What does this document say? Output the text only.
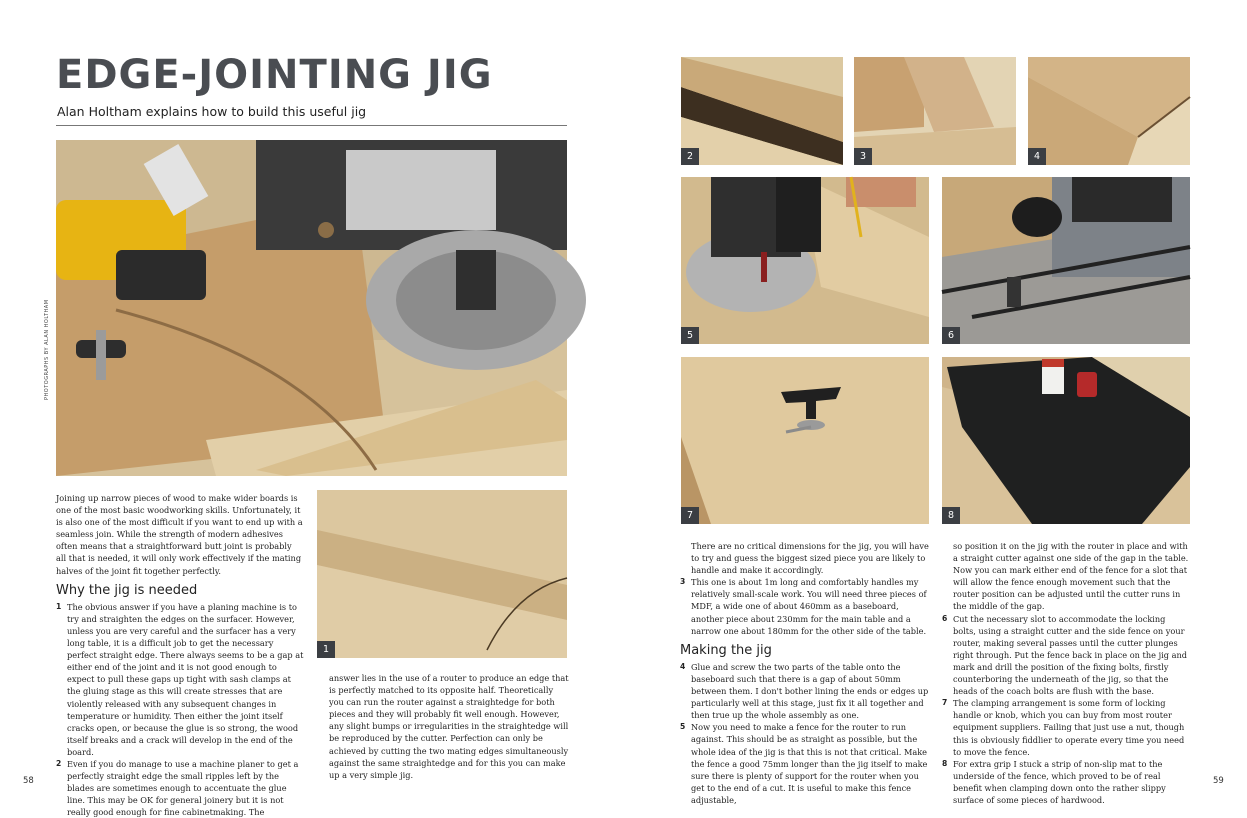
EDGE-JOINTING JIG
Alan Holtham explains how to build this useful jig
PHOTOGRAPHS BY ALAN HOLTHAM
1

Joining up narrow pieces of wood to make wider boards is one of the most basic woodworking skills. Unfortunately, it is also one of the most difficult if you want to end up with a seamless join. While the strength of modern adhesives often means that a straightforward butt joint is probably all that is needed, it will only work effectively if the mating halves of the joint fit together perfectly.

Why the jig is needed

1 The obvious answer if you have a planing machine is to try and straighten the edges on the surfacer. However, unless you are very careful and the surfacer has a very long table, it is a difficult job to get the necessary perfect straight edge. There always seems to be a gap at either end of the joint and it is not good enough to expect to pull these gaps up tight with sash clamps at the gluing stage as this will create stresses that are violently released with any subsequent changes in temperature or humidity. Then either the joint itself cracks open, or because the glue is so strong, the wood itself breaks and a crack will develop in the end of the board.

2 Even if you do manage to use a machine planer to get a perfectly straight edge the small ripples left by the blades are sometimes enough to accentuate the glue line. This may be OK for general joinery but it is not really good enough for fine cabinetmaking. The

answer lies in the use of a router to produce an edge that is perfectly matched to its opposite half. Theoretically you can run the router against a straightedge for both pieces and they will probably fit well enough. However, any slight bumps or irregularities in the straightedge will be reproduced by the cutter. Perfection can only be achieved by cutting the two mating edges simultaneously against the same straightedge and for this you can make up a very simple jig.

58
2	3	4
5	6
7	8

There are no critical dimensions for the jig, you will have to try and guess the biggest sized piece you are likely to handle and make it accordingly.

3 This one is about 1m long and comfortably handles my relatively small-scale work. You will need three pieces of MDF, a wide one of about 460mm as a baseboard, another piece about 230mm for the main table and a narrow one about 180mm for the other side of the table.

Making the jig

4 Glue and screw the two parts of the table onto the baseboard such that there is a gap of about 50mm between them. I don't bother lining the ends or edges up particularly well at this stage, just fix it all together and then true up the whole assembly as one.

5 Now you need to make a fence for the router to run against. This should be as straight as possible, but the whole idea of the jig is that this is not that critical. Make the fence a good 75mm longer than the jig itself to make sure there is plenty of support for the router when you get to the end of a cut. It is useful to make this fence adjustable,

so position it on the jig with the router in place and with a straight cutter against one side of the gap in the table. Now you can mark either end of the fence for a slot that will allow the fence enough movement such that the router position can be adjusted until the cutter runs in the middle of the gap.

6 Cut the necessary slot to accommodate the locking bolts, using a straight cutter and the side fence on your router, making several passes until the cutter plunges right through. Put the fence back in place on the jig and mark and drill the position of the fixing bolts, firstly counterboring the underneath of the jig, so that the heads of the coach bolts are flush with the base.

7 The clamping arrangement is some form of locking handle or knob, which you can buy from most router equipment suppliers. Failing that just use a nut, though this is obviously fiddlier to operate every time you need to move the fence.

8 For extra grip I stuck a strip of non-slip mat to the underside of the fence, which proved to be of real benefit when clamping down onto the rather slippy surface of some pieces of hardwood.

59
